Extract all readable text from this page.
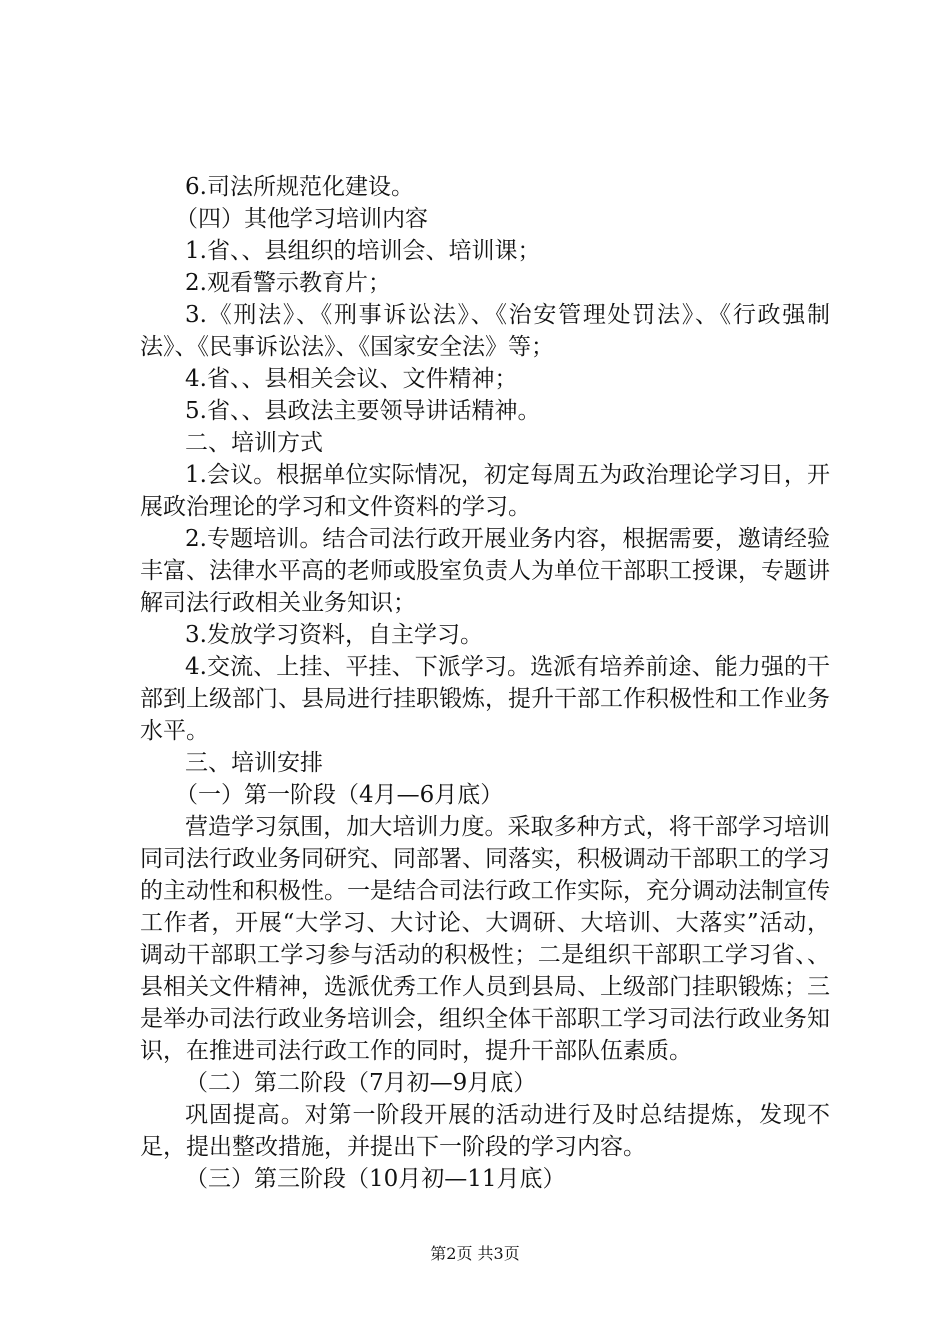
6.司法所规范化建设。

（四）其他学习培训内容

1.省、、县组织的培训会、培训课；

2.观看警示教育片；

3.《刑法》、《刑事诉讼法》、《治安管理处罚法》、《行政强制法》、《民事诉讼法》、《国家安全法》等；

4.省、、县相关会议、文件精神；

5.省、、县政法主要领导讲话精神。

二、培训方式

1.会议。根据单位实际情况，初定每周五为政治理论学习日，开展政治理论的学习和文件资料的学习。

2.专题培训。结合司法行政开展业务内容，根据需要，邀请经验丰富、法律水平高的老师或股室负责人为单位干部职工授课，专题讲解司法行政相关业务知识；

3.发放学习资料，自主学习。

4.交流、上挂、平挂、下派学习。选派有培养前途、能力强的干部到上级部门、县局进行挂职锻炼，提升干部工作积极性和工作业务水平。

三、培训安排

（一）第一阶段（4月—6月底）

营造学习氛围，加大培训力度。采取多种方式，将干部学习培训同司法行政业务同研究、同部署、同落实，积极调动干部职工的学习的主动性和积极性。一是结合司法行政工作实际，充分调动法制宣传工作者，开展“大学习、大讨论、大调研、大培训、大落实”活动，调动干部职工学习参与活动的积极性；二是组织干部职工学习省、、县相关文件精神，选派优秀工作人员到县局、上级部门挂职锻炼；三是举办司法行政业务培训会，组织全体干部职工学习司法行政业务知识，在推进司法行政工作的同时，提升干部队伍素质。

（二）第二阶段（7月初—9月底）

巩固提高。对第一阶段开展的活动进行及时总结提炼，发现不足，提出整改措施，并提出下一阶段的学习内容。

（三）第三阶段（10月初—11月底）

第2页 共3页
